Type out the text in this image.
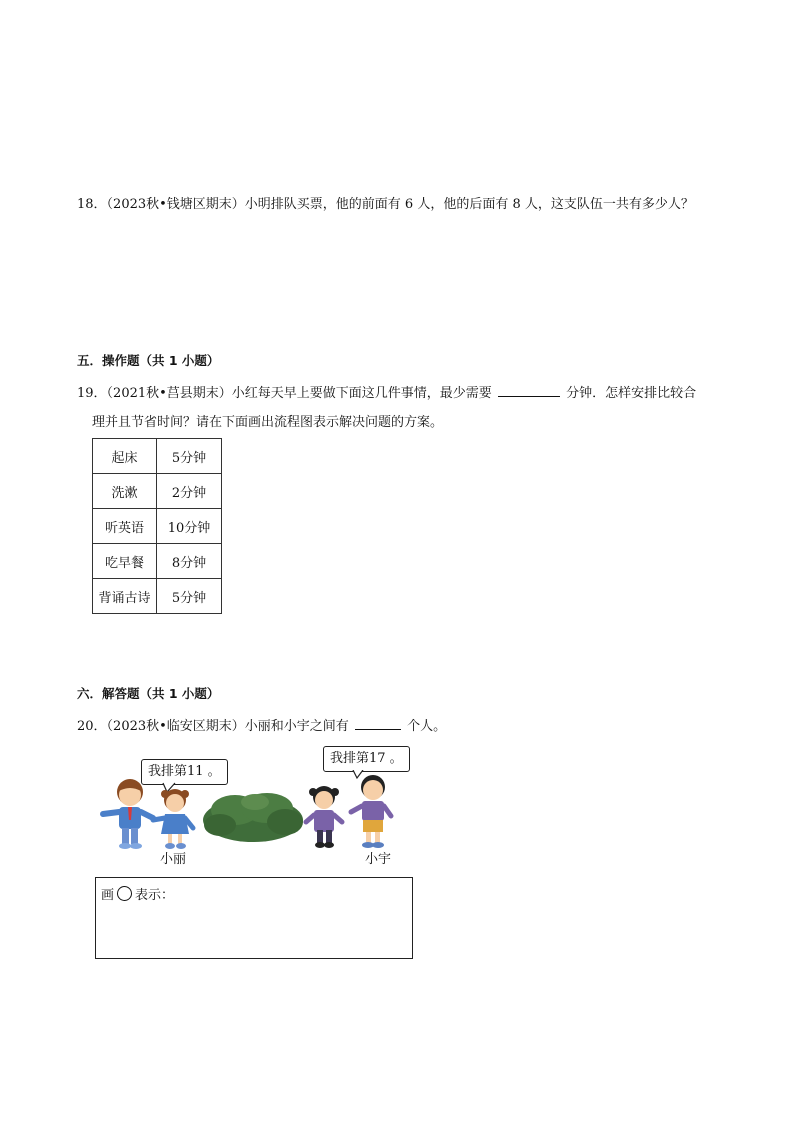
18．（2023秋•钱塘区期末）小明排队买票，他的前面有 6 人，他的后面有 8 人，这支队伍一共有多少人？
五．操作题（共 1 小题）
19．（2021秋•莒县期末）小红每天早上要做下面这几件事情，最少需要	分钟．怎样安排比较合
理并且节省时间？请在下面画出流程图表示解决问题的方案。
起床	5分钟
洗漱	2分钟
听英语	10分钟
吃早餐	8分钟
背诵古诗	5分钟
六．解答题（共 1 小题）
20．（2023秋•临安区期末）小丽和小宇之间有	个人。
我排第11 。
我排第17 。
小丽	小宇
画 表示：
